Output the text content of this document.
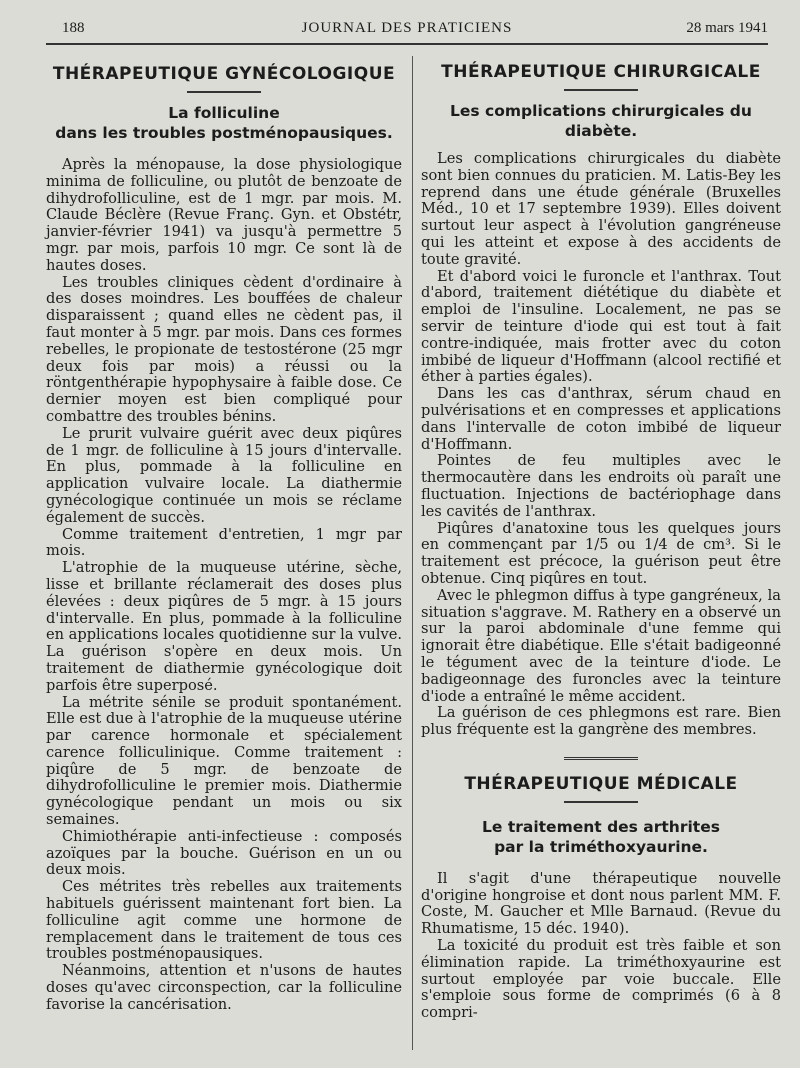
188	JOURNAL DES PRATICIENS	28 mars 1941
THÉRAPEUTIQUE GYNÉCOLOGIQUE
La folliculine
dans les troubles postménopausiques.

Après la ménopause, la dose physiologique minima de folliculine, ou plutôt de benzoate de dihydrofolliculine, est de 1 mgr. par mois. M. Claude Béclère (Revue Franç. Gyn. et Obstétr, janvier-février 1941) va jusqu'à permettre 5 mgr. par mois, parfois 10 mgr. Ce sont là de hautes doses.

Les troubles cliniques cèdent d'ordinaire à des doses moindres. Les bouffées de chaleur disparaissent ; quand elles ne cèdent pas, il faut monter à 5 mgr. par mois. Dans ces formes rebelles, le propionate de testostérone (25 mgr deux fois par mois) a réussi ou la röntgenthérapie hypophysaire à faible dose. Ce dernier moyen est bien compliqué pour combattre des troubles bénins.

Le prurit vulvaire guérit avec deux piqûres de 1 mgr. de folliculine à 15 jours d'intervalle. En plus, pommade à la folliculine en application vulvaire locale. La diathermie gynécologique continuée un mois se réclame également de succès.

Comme traitement d'entretien, 1 mgr par mois.

L'atrophie de la muqueuse utérine, sèche, lisse et brillante réclamerait des doses plus élevées : deux piqûres de 5 mgr. à 15 jours d'intervalle. En plus, pommade à la folliculine en applications locales quotidienne sur la vulve. La guérison s'opère en deux mois. Un traitement de diathermie gynécologique doit parfois être superposé.

La métrite sénile se produit spontanément. Elle est due à l'atrophie de la muqueuse utérine par carence hormonale et spécialement carence folliculinique. Comme traitement : piqûre de 5 mgr. de benzoate de dihydrofolliculine le premier mois. Diathermie gynécologique pendant un mois ou six semaines.

Chimiothérapie anti-infectieuse : composés azoïques par la bouche. Guérison en un ou deux mois.

Ces métrites très rebelles aux traitements habituels guérissent maintenant fort bien. La folliculine agit comme une hormone de remplacement dans le traitement de tous ces troubles postménopausiques.

Néanmoins, attention et n'usons de hautes doses qu'avec circonspection, car la folliculine favorise la cancérisation.

THÉRAPEUTIQUE CHIRURGICALE
Les complications chirurgicales du diabète.

Les complications chirurgicales du diabète sont bien connues du praticien. M. Latis-Bey les reprend dans une étude générale (Bruxelles Méd., 10 et 17 septembre 1939). Elles doivent surtout leur aspect à l'évolution gangréneuse qui les atteint et expose à des accidents de toute gravité.

Et d'abord voici le furoncle et l'anthrax. Tout d'abord, traitement diététique du diabète et emploi de l'insuline. Localement, ne pas se servir de teinture d'iode qui est tout à fait contre-indiquée, mais frotter avec du coton imbibé de liqueur d'Hoffmann (alcool rectifié et éther à parties égales).

Dans les cas d'anthrax, sérum chaud en pulvérisations et en compresses et applications dans l'intervalle de coton imbibé de liqueur d'Hoffmann.

Pointes de feu multiples avec le thermocautère dans les endroits où paraît une fluctuation. Injections de bactériophage dans les cavités de l'anthrax.

Piqûres d'anatoxine tous les quelques jours en commençant par 1/5 ou 1/4 de cm³. Si le traitement est précoce, la guérison peut être obtenue. Cinq piqûres en tout.

Avec le phlegmon diffus à type gangréneux, la situation s'aggrave. M. Rathery en a observé un sur la paroi abdominale d'une femme qui ignorait être diabétique. Elle s'était badigeonné le tégument avec de la teinture d'iode. Le badigeonnage des furoncles avec la teinture d'iode a entraîné le même accident.

La guérison de ces phlegmons est rare. Bien plus fréquente est la gangrène des membres.

THÉRAPEUTIQUE MÉDICALE
Le traitement des arthrites
par la triméthoxyaurine.

Il s'agit d'une thérapeutique nouvelle d'origine hongroise et dont nous parlent MM. F. Coste, M. Gaucher et Mlle Barnaud. (Revue du Rhumatisme, 15 déc. 1940).

La toxicité du produit est très faible et son élimination rapide. La triméthoxyaurine est surtout employée par voie buccale. Elle s'emploie sous forme de comprimés (6 à 8 compri-
